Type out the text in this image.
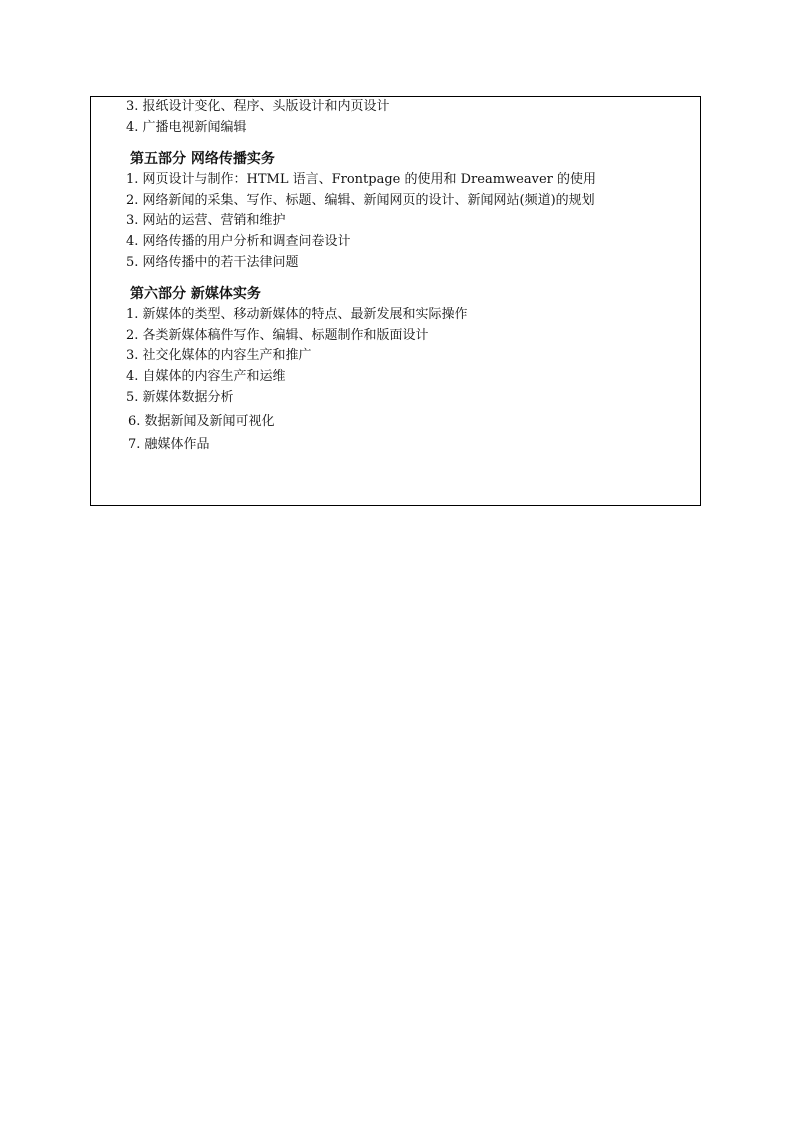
3. 报纸设计变化、程序、头版设计和内页设计
4. 广播电视新闻编辑
第五部分 网络传播实务
1. 网页设计与制作：HTML 语言、Frontpage 的使用和 Dreamweaver 的使用
2. 网络新闻的采集、写作、标题、编辑、新闻网页的设计、新闻网站(频道)的规划
3. 网站的运营、营销和维护
4. 网络传播的用户分析和调查问卷设计
5. 网络传播中的若干法律问题
第六部分 新媒体实务
1. 新媒体的类型、移动新媒体的特点、最新发展和实际操作
2. 各类新媒体稿件写作、编辑、标题制作和版面设计
3. 社交化媒体的内容生产和推广
4. 自媒体的内容生产和运维
5. 新媒体数据分析
6. 数据新闻及新闻可视化
7. 融媒体作品
